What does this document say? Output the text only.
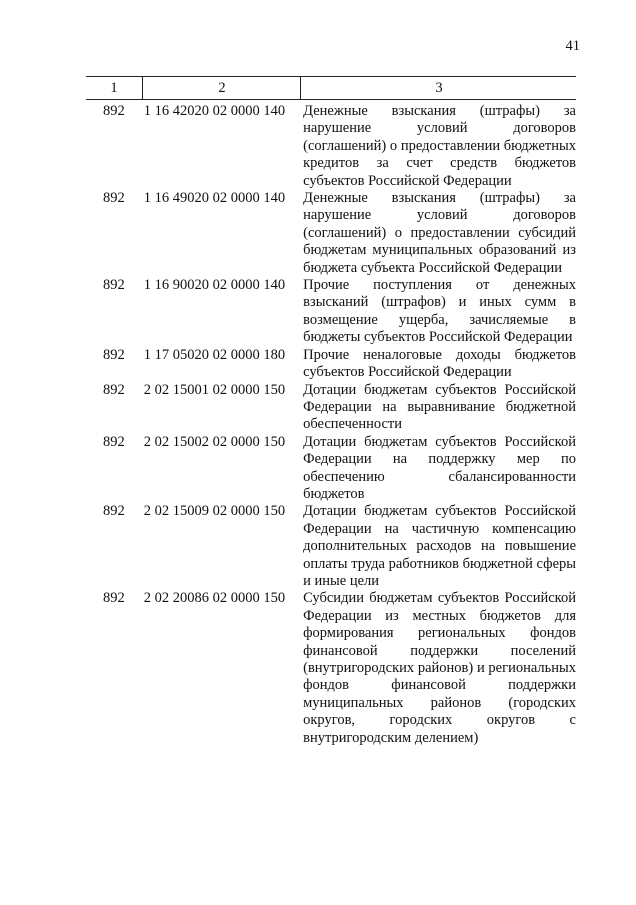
41
1	2	3
892	1 16 42020 02 0000 140	Денежные взыскания (штрафы) за нарушение условий договоров (соглашений) о предоставлении бюджетных кредитов за счет средств бюджетов субъектов Российской Федерации
892	1 16 49020 02 0000 140	Денежные взыскания (штрафы) за нарушение условий договоров (соглашений) о предоставлении субсидий бюджетам муниципальных образований из бюджета субъекта Российской Федерации
892	1 16 90020 02 0000 140	Прочие поступления от денежных взысканий (штрафов) и иных сумм в возмещение ущерба, зачисляемые в бюджеты субъектов Российской Федерации
892	1 17 05020 02 0000 180	Прочие неналоговые доходы бюджетов субъектов Российской Федерации
892	2 02 15001 02 0000 150	Дотации бюджетам субъектов Российской Федерации на выравнивание бюджетной обеспеченности
892	2 02 15002 02 0000 150	Дотации бюджетам субъектов Российской Федерации на поддержку мер по обеспечению сбалансированности бюджетов
892	2 02 15009 02 0000 150	Дотации бюджетам субъектов Российской Федерации на частичную компенсацию дополнительных расходов на повышение оплаты труда работников бюджетной сферы и иные цели
892	2 02 20086 02 0000 150	Субсидии бюджетам субъектов Российской Федерации из местных бюджетов для формирования региональных фондов финансовой поддержки поселений (внутригородских районов) и региональных фондов финансовой поддержки муниципальных районов (городских округов, городских округов с внутригородским делением)
